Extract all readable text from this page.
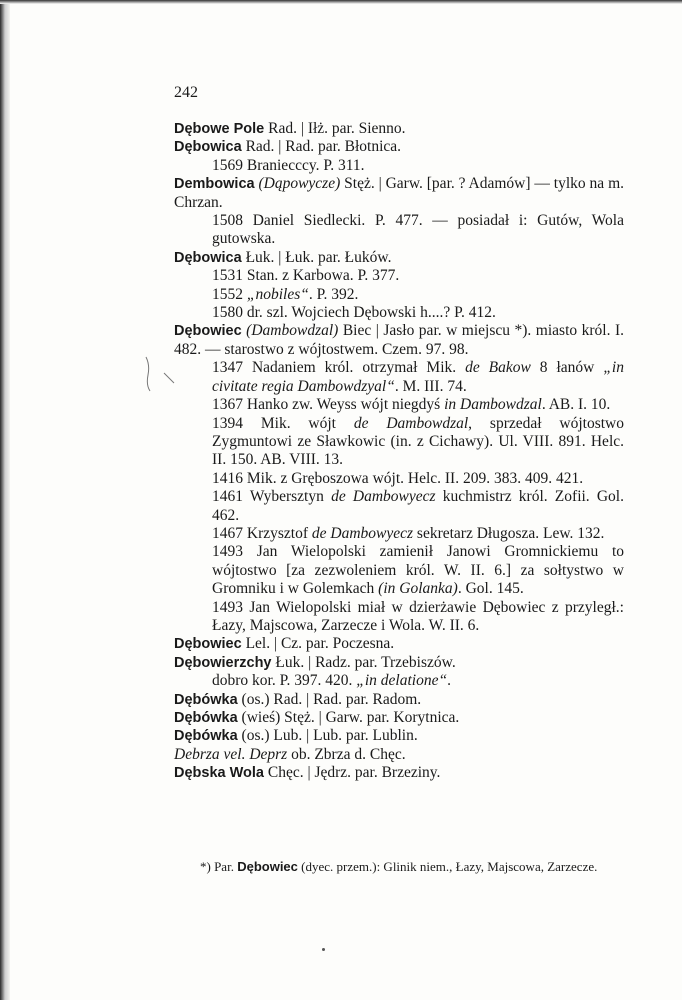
242

Dębowe Pole Rad. | Iłż. par. Sienno.

Dębowica Rad. | Rad. par. Błotnica.

1569 Braniecccy. P. 311.

Dembowica (Dąpowycze) Stęż. | Garw. [par. ? Adamów] — tylko na m. Chrzan.

1508 Daniel Siedlecki. P. 477. — posiadał i: Gutów, Wola gutowska.

Dębowica Łuk. | Łuk. par. Łuków.

1531 Stan. z Karbowa. P. 377.

1552 „nobiles“. P. 392.

1580 dr. szl. Wojciech Dębowski h....? P. 412.

Dębowiec (Dambowdzal) Biec | Jasło par. w miejscu *). miasto król. I. 482. — starostwo z wójtostwem. Czem. 97. 98.

1347 Nadaniem król. otrzymał Mik. de Bakow 8 łanów „in civitate regia Dambowdzyal“. M. III. 74.

1367 Hanko zw. Weyss wójt niegdyś in Dambowdzal. AB. I. 10.

1394 Mik. wójt de Dambowdzal, sprzedał wójtostwo Zygmuntowi ze Sławkowic (in. z Cichawy). Ul. VIII. 891. Helc. II. 150. AB. VIII. 13.

1416 Mik. z Gręboszowa wójt. Helc. II. 209. 383. 409. 421.

1461 Wybersztyn de Dambowyecz kuchmistrz król. Zofii. Gol. 462.

1467 Krzysztof de Dambowyecz sekretarz Długosza. Lew. 132.

1493 Jan Wielopolski zamienił Janowi Gromnickiemu to wójtostwo [za zezwoleniem król. W. II. 6.] za sołtystwo w Gromniku i w Golemkach (in Golanka). Gol. 145.

1493 Jan Wielopolski miał w dzierżawie Dębowiec z przyległ.: Łazy, Majscowa, Zarzecze i Wola. W. II. 6.

Dębowiec Lel. | Cz. par. Poczesna.

Dębowierzchy Łuk. | Radz. par. Trzebiszów.

dobro kor. P. 397. 420. „in delatione“.

Dębówka (os.) Rad. | Rad. par. Radom.

Dębówka (wieś) Stęż. | Garw. par. Korytnica.

Dębówka (os.) Lub. | Lub. par. Lublin.

Debrza vel. Deprz ob. Zbrza d. Chęc.

Dębska Wola Chęc. | Jędrz. par. Brzeziny.

*) Par. Dębowiec (dyec. przem.): Glinik niem., Łazy, Majscowa, Zarzecze.
